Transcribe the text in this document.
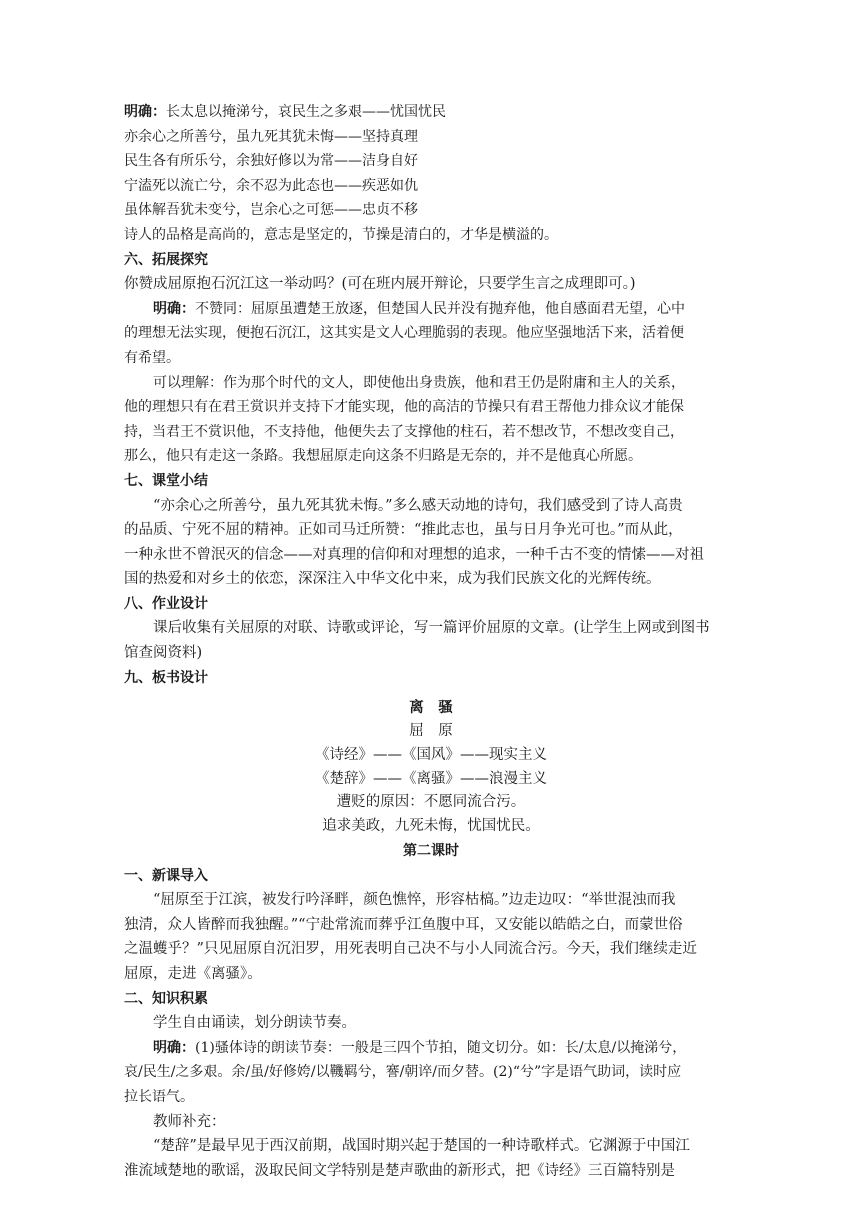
明确：长太息以掩涕兮，哀民生之多艰——忧国忧民
亦余心之所善兮，虽九死其犹未悔——坚持真理
民生各有所乐兮，余独好修以为常——洁身自好
宁溘死以流亡兮，余不忍为此态也——疾恶如仇
虽体解吾犹未变兮，岂余心之可惩——忠贞不移
诗人的品格是高尚的，意志是坚定的，节操是清白的，才华是横溢的。
六、拓展探究
你赞成屈原抱石沉江这一举动吗？(可在班内展开辩论，只要学生言之成理即可。)
明确：不赞同：屈原虽遭楚王放逐，但楚国人民并没有抛弃他，他自感面君无望，心中
的理想无法实现，便抱石沉江，这其实是文人心理脆弱的表现。他应坚强地活下来，活着便
有希望。
可以理解：作为那个时代的文人，即使他出身贵族，他和君王仍是附庸和主人的关系，
他的理想只有在君王赏识并支持下才能实现，他的高洁的节操只有君王帮他力排众议才能保
持，当君王不赏识他，不支持他，他便失去了支撑他的柱石，若不想改节，不想改变自己，
那么，他只有走这一条路。我想屈原走向这条不归路是无奈的，并不是他真心所愿。
七、课堂小结
“亦余心之所善兮，虽九死其犹未悔。”多么感天动地的诗句，我们感受到了诗人高贵
的品质、宁死不屈的精神。正如司马迁所赞：“推此志也，虽与日月争光可也。”而从此，
一种永世不曾泯灭的信念——对真理的信仰和对理想的追求，一种千古不变的情愫——对祖
国的热爱和对乡土的依恋，深深注入中华文化中来，成为我们民族文化的光辉传统。
八、作业设计
课后收集有关屈原的对联、诗歌或评论，写一篇评价屈原的文章。(让学生上网或到图书
馆查阅资料)
九、板书设计
离　骚
屈　原
《诗经》——《国风》——现实主义
《楚辞》——《离骚》——浪漫主义
遭贬的原因：不愿同流合污。
追求美政，九死未悔，忧国忧民。
第二课时
一、新课导入
“屈原至于江滨，被发行吟泽畔，颜色憔悴，形容枯槁。”边走边叹：“举世混浊而我
独清，众人皆醉而我独醒。”“宁赴常流而葬乎江鱼腹中耳，又安能以皓皓之白，而蒙世俗
之温蠖乎？”只见屈原自沉汨罗，用死表明自己决不与小人同流合污。今天，我们继续走近
屈原，走进《离骚》。
二、知识积累
学生自由诵读，划分朗读节奏。
明确：(1)骚体诗的朗读节奏：一般是三四个节拍，随文切分。如：长/太息/以掩涕兮，
哀/民生/之多艰。余/虽/好修姱/以鞿羁兮，謇/朝谇/而夕替。(2)“兮”字是语气助词，读时应
拉长语气。
教师补充：
“楚辞”是最早见于西汉前期，战国时期兴起于楚国的一种诗歌样式。它渊源于中国江
淮流域楚地的歌谣，汲取民间文学特别是楚声歌曲的新形式，把《诗经》三百篇特别是
